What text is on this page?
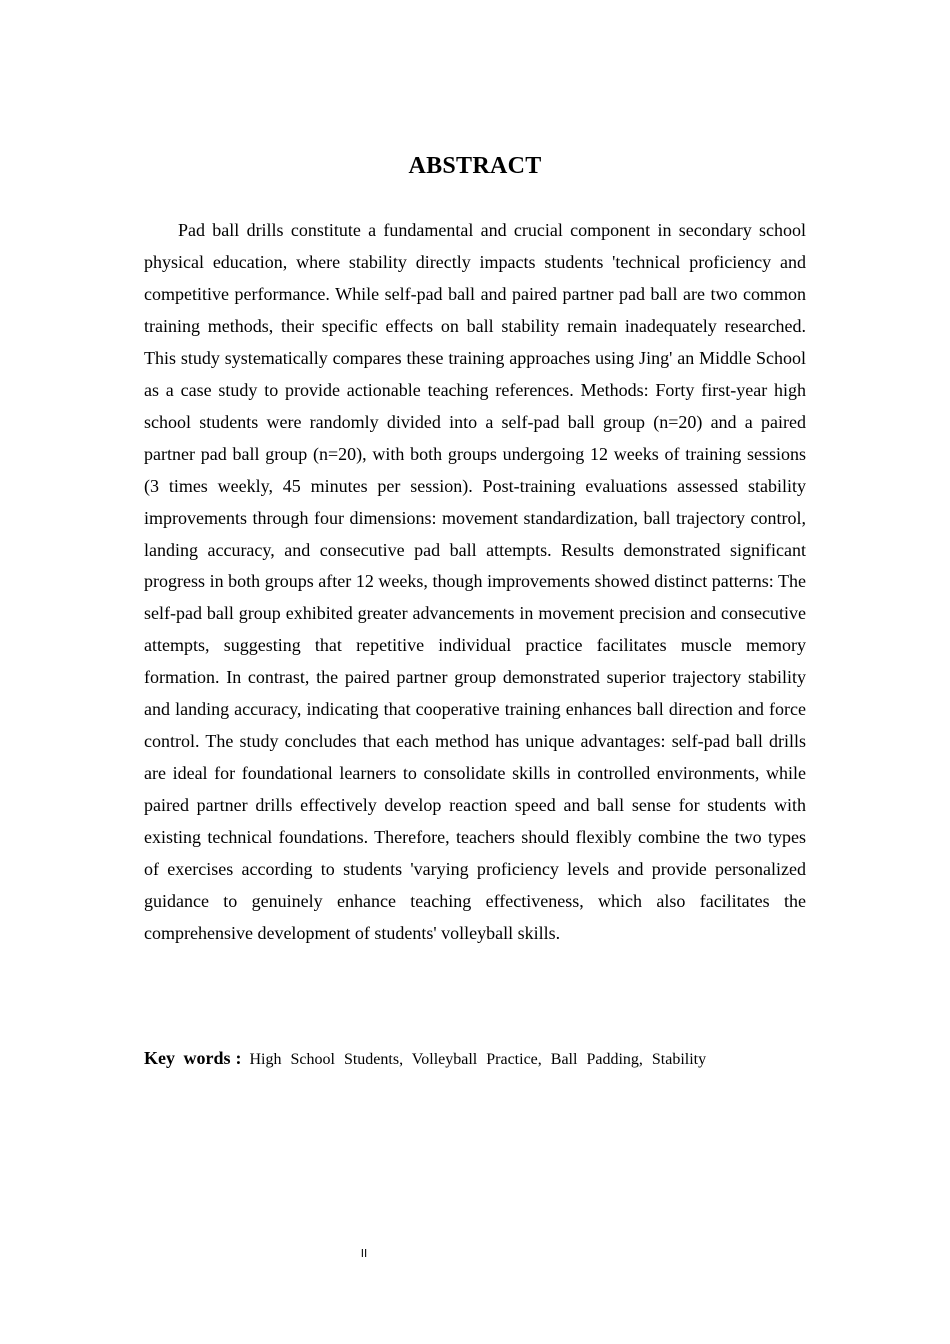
ABSTRACT

Pad ball drills constitute a fundamental and crucial component in secondary school physical education, where stability directly impacts students 'technical proficiency and competitive performance. While self-pad ball and paired partner pad ball are two common training methods, their specific effects on ball stability remain inadequately researched. This study systematically compares these training approaches using Jing' an Middle School as a case study to provide actionable teaching references. Methods: Forty first-year high school students were randomly divided into a self-pad ball group (n=20) and a paired partner pad ball group (n=20), with both groups undergoing 12 weeks of training sessions (3 times weekly, 45 minutes per session). Post-training evaluations assessed stability improvements through four dimensions: movement standardization, ball trajectory control, landing accuracy, and consecutive pad ball attempts. Results demonstrated significant progress in both groups after 12 weeks, though improvements showed distinct patterns: The self-pad ball group exhibited greater advancements in movement precision and consecutive attempts, suggesting that repetitive individual practice facilitates muscle memory formation. In contrast, the paired partner group demonstrated superior trajectory stability and landing accuracy, indicating that cooperative training enhances ball direction and force control. The study concludes that each method has unique advantages: self-pad ball drills are ideal for foundational learners to consolidate skills in controlled environments, while paired partner drills effectively develop reaction speed and ball sense for students with existing technical foundations. Therefore, teachers should flexibly combine the two types of exercises according to students 'varying proficiency levels and provide personalized guidance to genuinely enhance teaching effectiveness, which also facilitates the comprehensive development of students' volleyball skills.

Key words : High School Students, Volleyball Practice, Ball Padding, Stability
II
